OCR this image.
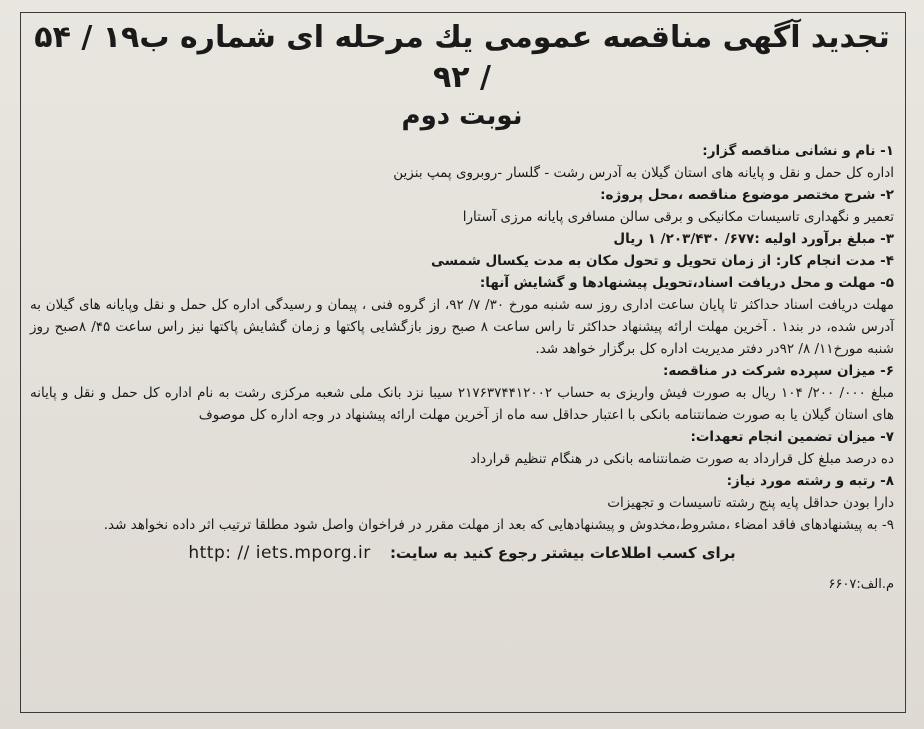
تجدید آگهی مناقصه عمومی یك مرحله ای شماره ب۱۹ / ۵۴ / ۹۲
نوبت دوم

۱- نام و نشانی مناقصه گزار:

اداره کل حمل و نقل و پایانه های استان گیلان به آدرس رشت - گلسار -روبروی پمپ بنزین

۲- شرح مختصر موضوع مناقصه ،محل پروژه:

تعمیر و نگهداری تاسیسات مکانیکی و برقی سالن مسافری پایانه مرزی آستارا

۳- مبلغ برآورد اولیه :۶۷۷/ ۲۰۳/۴۳۰/ ۱ ریال

۴- مدت انجام کار: از زمان تحویل و تحول مکان به مدت یکسال شمسی

۵- مهلت و محل دریافت اسناد،تحویل پیشنهادها و گشایش آنها:

مهلت دریافت اسناد حداکثر تا پایان ساعت اداری روز سه شنبه مورخ ۳۰/ ۷/ ۹۲، از گروه فنی ، پیمان و رسیدگی اداره کل حمل و نقل وپایانه های گیلان به آدرس شده، در بند۱ . آخرین مهلت ارائه پیشنهاد حداکثر تا راس ساعت ۸ صبح روز بازگشایی پاکتها و زمان گشایش پاکتها نیز راس ساعت ۴۵/ ۸صبح روز شنبه مورخ۱۱/ ۸/ ۹۲در دفتر مدیریت اداره کل برگزار خواهد شد.

۶- میزان سپرده شرکت در مناقصه:

مبلغ ۰۰۰/ ۲۰۰/ ۱۰۴ ریال به صورت فیش واریزی به حساب ۲۱۷۶۳۷۴۴۱۲۰۰۲ سیبا نزد بانک ملی شعبه مرکزی رشت به نام اداره کل حمل و نقل و پایانه های استان گیلان یا به صورت ضمانتنامه بانکی با اعتبار حداقل سه ماه از آخرین مهلت ارائه پیشنهاد در وجه اداره کل موصوف

۷- میزان تضمین انجام تعهدات:

ده درصد مبلغ کل قرارداد به صورت ضمانتنامه بانکی در هنگام تنظیم قرارداد

۸- رتبه و رشته مورد نیاز:

دارا بودن حداقل پایه پنج رشته تاسیسات و تجهیزات

۹- به پیشنهادهای فاقد امضاء ،مشروط،مخدوش و پیشنهادهایی که بعد از مهلت مقرر در فراخوان واصل شود مطلقا ترتیب اثر داده نخواهد شد.

برای کسب اطلاعات بیشتر رجوع کنید به سایت: http: // iets.mporg.ir
م.الف:۶۶۰۷
